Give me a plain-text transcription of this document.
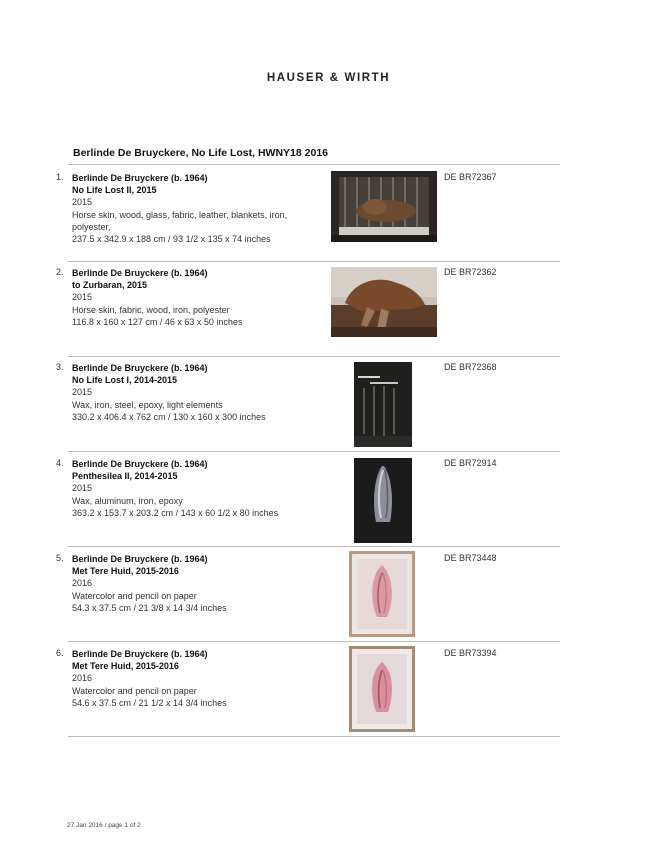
HAUSER & WIRTH
Berlinde De Bruyckere, No Life Lost, HWNY18 2016
1. Berlinde De Bruyckere (b. 1964)
No Life Lost II, 2015
2015
Horse skin, wood, glass, fabric, leather, blankets, iron,
polyester,
237.5 x 342.9 x 188 cm / 93 1/2 x 135 x 74 inches
DE BR72367
2. Berlinde De Bruyckere (b. 1964)
to Zurbaran, 2015
2015
Horse skin, fabric, wood, iron, polyester
116.8 x 160 x 127 cm / 46 x 63 x 50 inches
DE BR72362
3. Berlinde De Bruyckere (b. 1964)
No Life Lost I, 2014-2015
2015
Wax, iron, steel, epoxy, light elements
330.2 x 406.4 x 762 cm / 130 x 160 x 300 inches
DE BR72368
4. Berlinde De Bruyckere (b. 1964)
Penthesilea II, 2014-2015
2015
Wax, aluminum, iron, epoxy
363.2 x 153.7 x 203.2 cm / 143 x 60 1/2 x 80 inches
DE BR72914
5. Berlinde De Bruyckere (b. 1964)
Met Tere Huid, 2015-2016
2016
Watercolor and pencil on paper
54.3 x 37.5 cm / 21 3/8 x 14 3/4 inches
DE BR73448
6. Berlinde De Bruyckere (b. 1964)
Met Tere Huid, 2015-2016
2016
Watercolor and pencil on paper
54.6 x 37.5 cm / 21 1/2 x 14 3/4 inches
DE BR73394
27 Jan 2016 / page 1 of 2
